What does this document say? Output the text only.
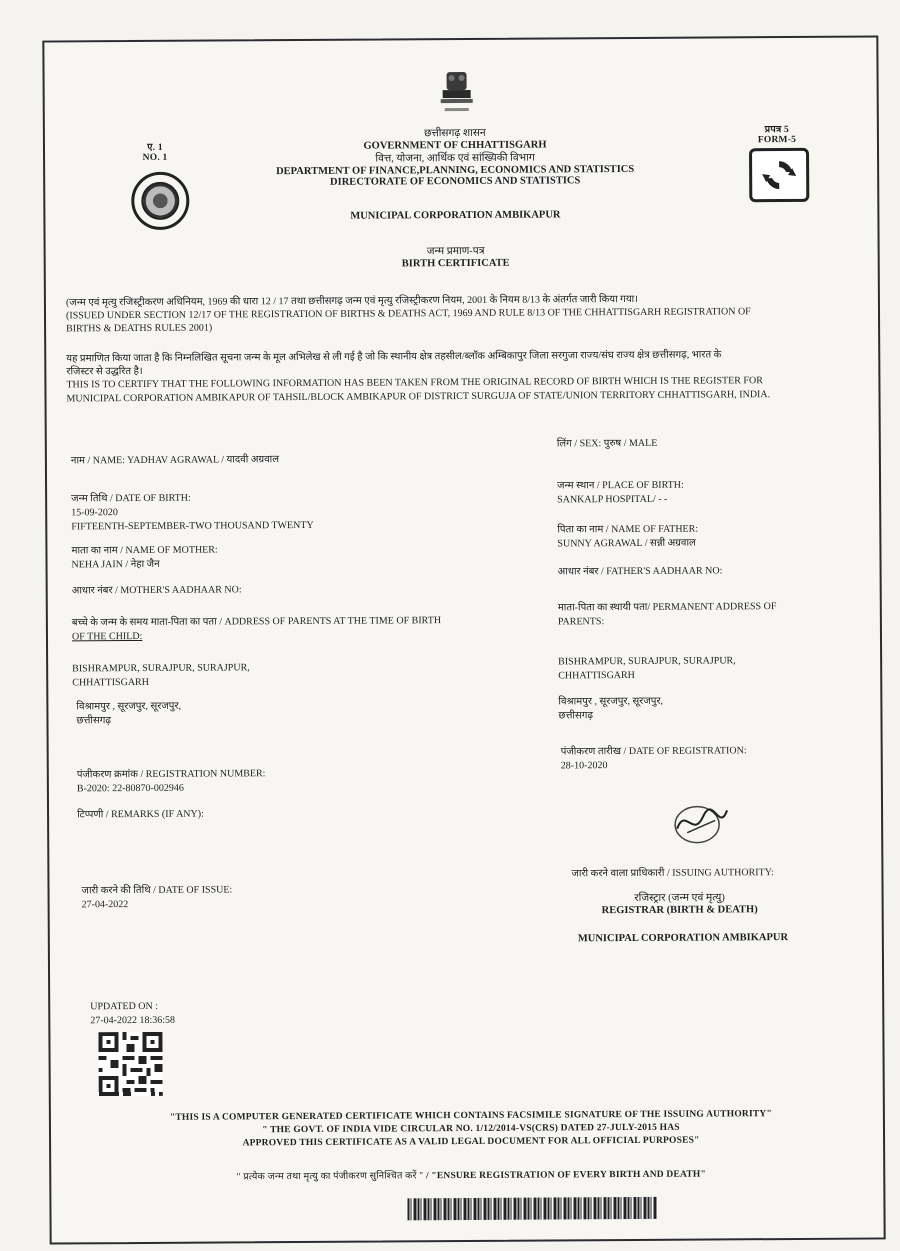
ए. 1
NO. 1
प्रपत्र 5
FORM-5
छत्तीसगढ़ शासन
GOVERNMENT OF CHHATTISGARH
वित्त, योजना, आर्थिक एवं सांख्यिकी विभाग
DEPARTMENT OF FINANCE,PLANNING, ECONOMICS AND STATISTICS
DIRECTORATE OF ECONOMICS AND STATISTICS
MUNICIPAL CORPORATION AMBIKAPUR
जन्म प्रमाण-पत्र
BIRTH CERTIFICATE
(जन्म एवं मृत्यु रजिस्ट्रीकरण अधिनियम, 1969 की धारा 12 / 17 तथा छत्तीसगढ़ जन्म एवं मृत्यु रजिस्ट्रीकरण नियम, 2001 के नियम 8/13 के अंतर्गत जारी किया गया।
(ISSUED UNDER SECTION 12/17 OF THE REGISTRATION OF BIRTHS & DEATHS ACT, 1969 AND RULE 8/13 OF THE CHHATTISGARH REGISTRATION OF
BIRTHS & DEATHS RULES 2001)
यह प्रमाणित किया जाता है कि निम्नलिखित सूचना जन्म के मूल अभिलेख से ली गई है जो कि स्थानीय क्षेत्र तहसील/ब्लॉक अम्बिकापुर जिला सरगुजा राज्य/संघ राज्य क्षेत्र छत्तीसगढ़, भारत के
रजिस्टर से उद्धरित है।
THIS IS TO CERTIFY THAT THE FOLLOWING INFORMATION HAS BEEN TAKEN FROM THE ORIGINAL RECORD OF BIRTH WHICH IS THE REGISTER FOR
MUNICIPAL CORPORATION AMBIKAPUR OF TAHSIL/BLOCK AMBIKAPUR OF DISTRICT SURGUJA OF STATE/UNION TERRITORY CHHATTISGARH, INDIA.
लिंग / SEX: पुरुष / MALE
नाम / NAME: YADHAV AGRAWAL / यादवी अग्रवाल
जन्म तिथि / DATE OF BIRTH:
15-09-2020
FIFTEENTH-SEPTEMBER-TWO THOUSAND TWENTY
जन्म स्थान / PLACE OF BIRTH:
SANKALP HOSPITAL/ - -
पिता का नाम / NAME OF FATHER:
SUNNY AGRAWAL / सन्नी अग्रवाल
माता का नाम / NAME OF MOTHER:
NEHA JAIN / नेहा जैन
आधार नंबर / MOTHER'S AADHAAR NO:
आधार नंबर / FATHER'S AADHAAR NO:
बच्चे के जन्म के समय माता-पिता का पता / ADDRESS OF PARENTS AT THE TIME OF BIRTH
OF THE CHILD:
माता-पिता का स्थायी पता/ PERMANENT ADDRESS OF
PARENTS:
BISHRAMPUR, SURAJPUR, SURAJPUR,
CHHATTISGARH
विश्रामपुर , सूरजपुर, सूरजपुर,
छत्तीसगढ़
BISHRAMPUR, SURAJPUR, SURAJPUR,
CHHATTISGARH
विश्रामपुर , सूरजपुर, सूरजपुर,
छत्तीसगढ़
पंजीकरण तारीख / DATE OF REGISTRATION:
28-10-2020
पंजीकरण क्रमांक / REGISTRATION NUMBER:
B-2020: 22-80870-002946
टिप्पणी / REMARKS (IF ANY):
जारी करने वाला प्राधिकारी / ISSUING AUTHORITY:
रजिस्ट्रार (जन्म एवं मृत्यु)
REGISTRAR (BIRTH & DEATH)
MUNICIPAL CORPORATION AMBIKAPUR
जारी करने की तिथि / DATE OF ISSUE:
27-04-2022
UPDATED ON :
27-04-2022 18:36:58
"THIS IS A COMPUTER GENERATED CERTIFICATE WHICH CONTAINS FACSIMILE SIGNATURE OF THE ISSUING AUTHORITY"
" THE GOVT. OF INDIA VIDE CIRCULAR NO. 1/12/2014-VS(CRS) DATED 27-JULY-2015 HAS
APPROVED THIS CERTIFICATE AS A VALID LEGAL DOCUMENT FOR ALL OFFICIAL PURPOSES"
" प्रत्येक जन्म तथा मृत्यु का पंजीकरण सुनिश्चित करें " / "ENSURE REGISTRATION OF EVERY BIRTH AND DEATH"
